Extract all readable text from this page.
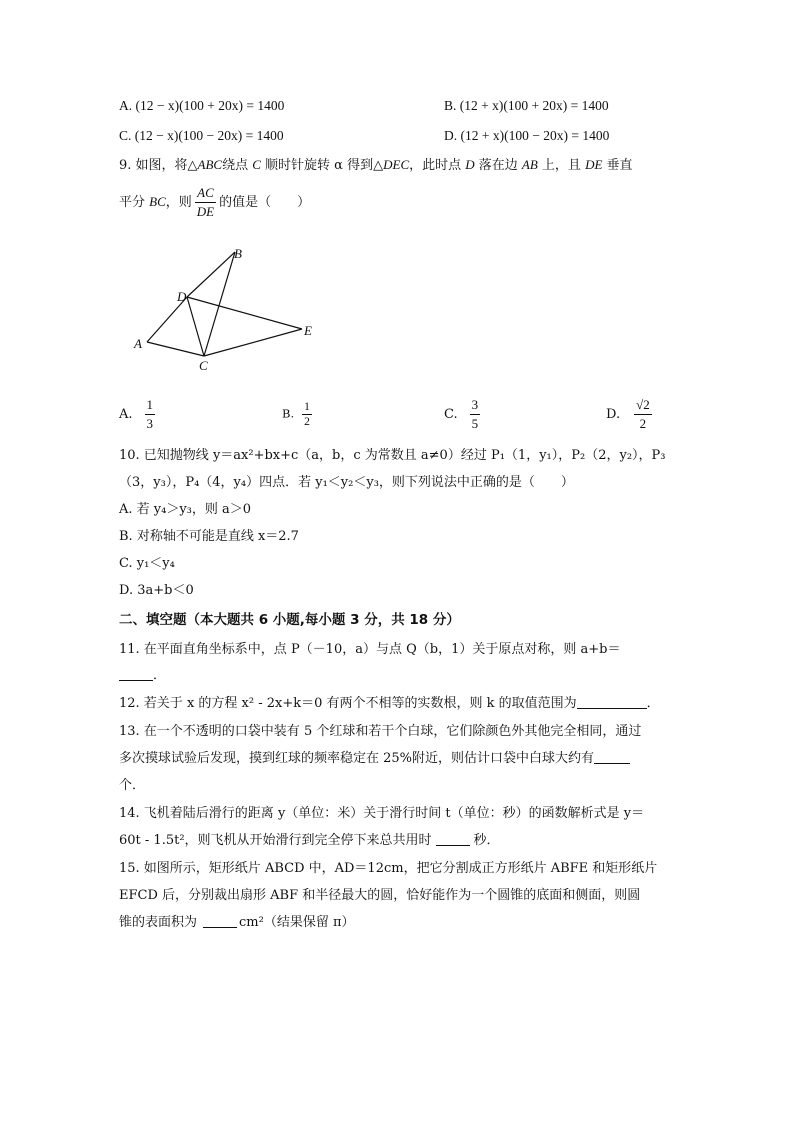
A. (12 − x)(100 + 20x) = 1400	B. (12 + x)(100 + 20x) = 1400
C. (12 − x)(100 − 20x) = 1400	D. (12 + x)(100 − 20x) = 1400
9. 如图，将△ABC绕点 C 顺时针旋转 α 得到△DEC，此时点 D 落在边 AB 上，且 DE 垂直
平分 BC，则 $\frac{AC}{DE}$ 的值是（　　）
B
D
A
C
E
A. $\frac{1}{3}$	B. $\frac{1}{2}$	C. $\frac{3}{5}$	D. $\frac{√2}{2}$
10. 已知抛物线 y＝ax²+bx+c（a，b，c 为常数且 a≠0）经过 P₁（1，y₁），P₂（2，y₂），P₃
（3，y₃），P₄（4，y₄）四点．若 y₁＜y₂＜y₃，则下列说法中正确的是（　　）
A. 若 y₄＞y₃，则 a＞0
B. 对称轴不可能是直线 x＝2.7
C. y₁＜y₄
D. 3a+b＜0
二、填空题（本大题共 6 小题,每小题 3 分，共 18 分）
11. 在平面直角坐标系中，点 P（－10，a）与点 Q（b，1）关于原点对称，则 a+b＝
．
12. 若关于 x 的方程 x² - 2x+k＝0 有两个不相等的实数根，则 k 的取值范围为	．
13. 在一个不透明的口袋中装有 5 个红球和若干个白球，它们除颜色外其他完全相同，通过
多次摸球试验后发现，摸到红球的频率稳定在 25%附近，则估计口袋中白球大约有
个．
14. 飞机着陆后滑行的距离 y（单位：米）关于滑行时间 t（单位：秒）的函数解析式是 y＝
60t - 1.5t²，则飞机从开始滑行到完全停下来总共用时	秒．
15. 如图所示，矩形纸片 ABCD 中，AD＝12cm，把它分割成正方形纸片 ABFE 和矩形纸片
EFCD 后，分别裁出扇形 ABF 和半径最大的圆，恰好能作为一个圆锥的底面和侧面，则圆
锥的表面积为	cm²（结果保留 π）
